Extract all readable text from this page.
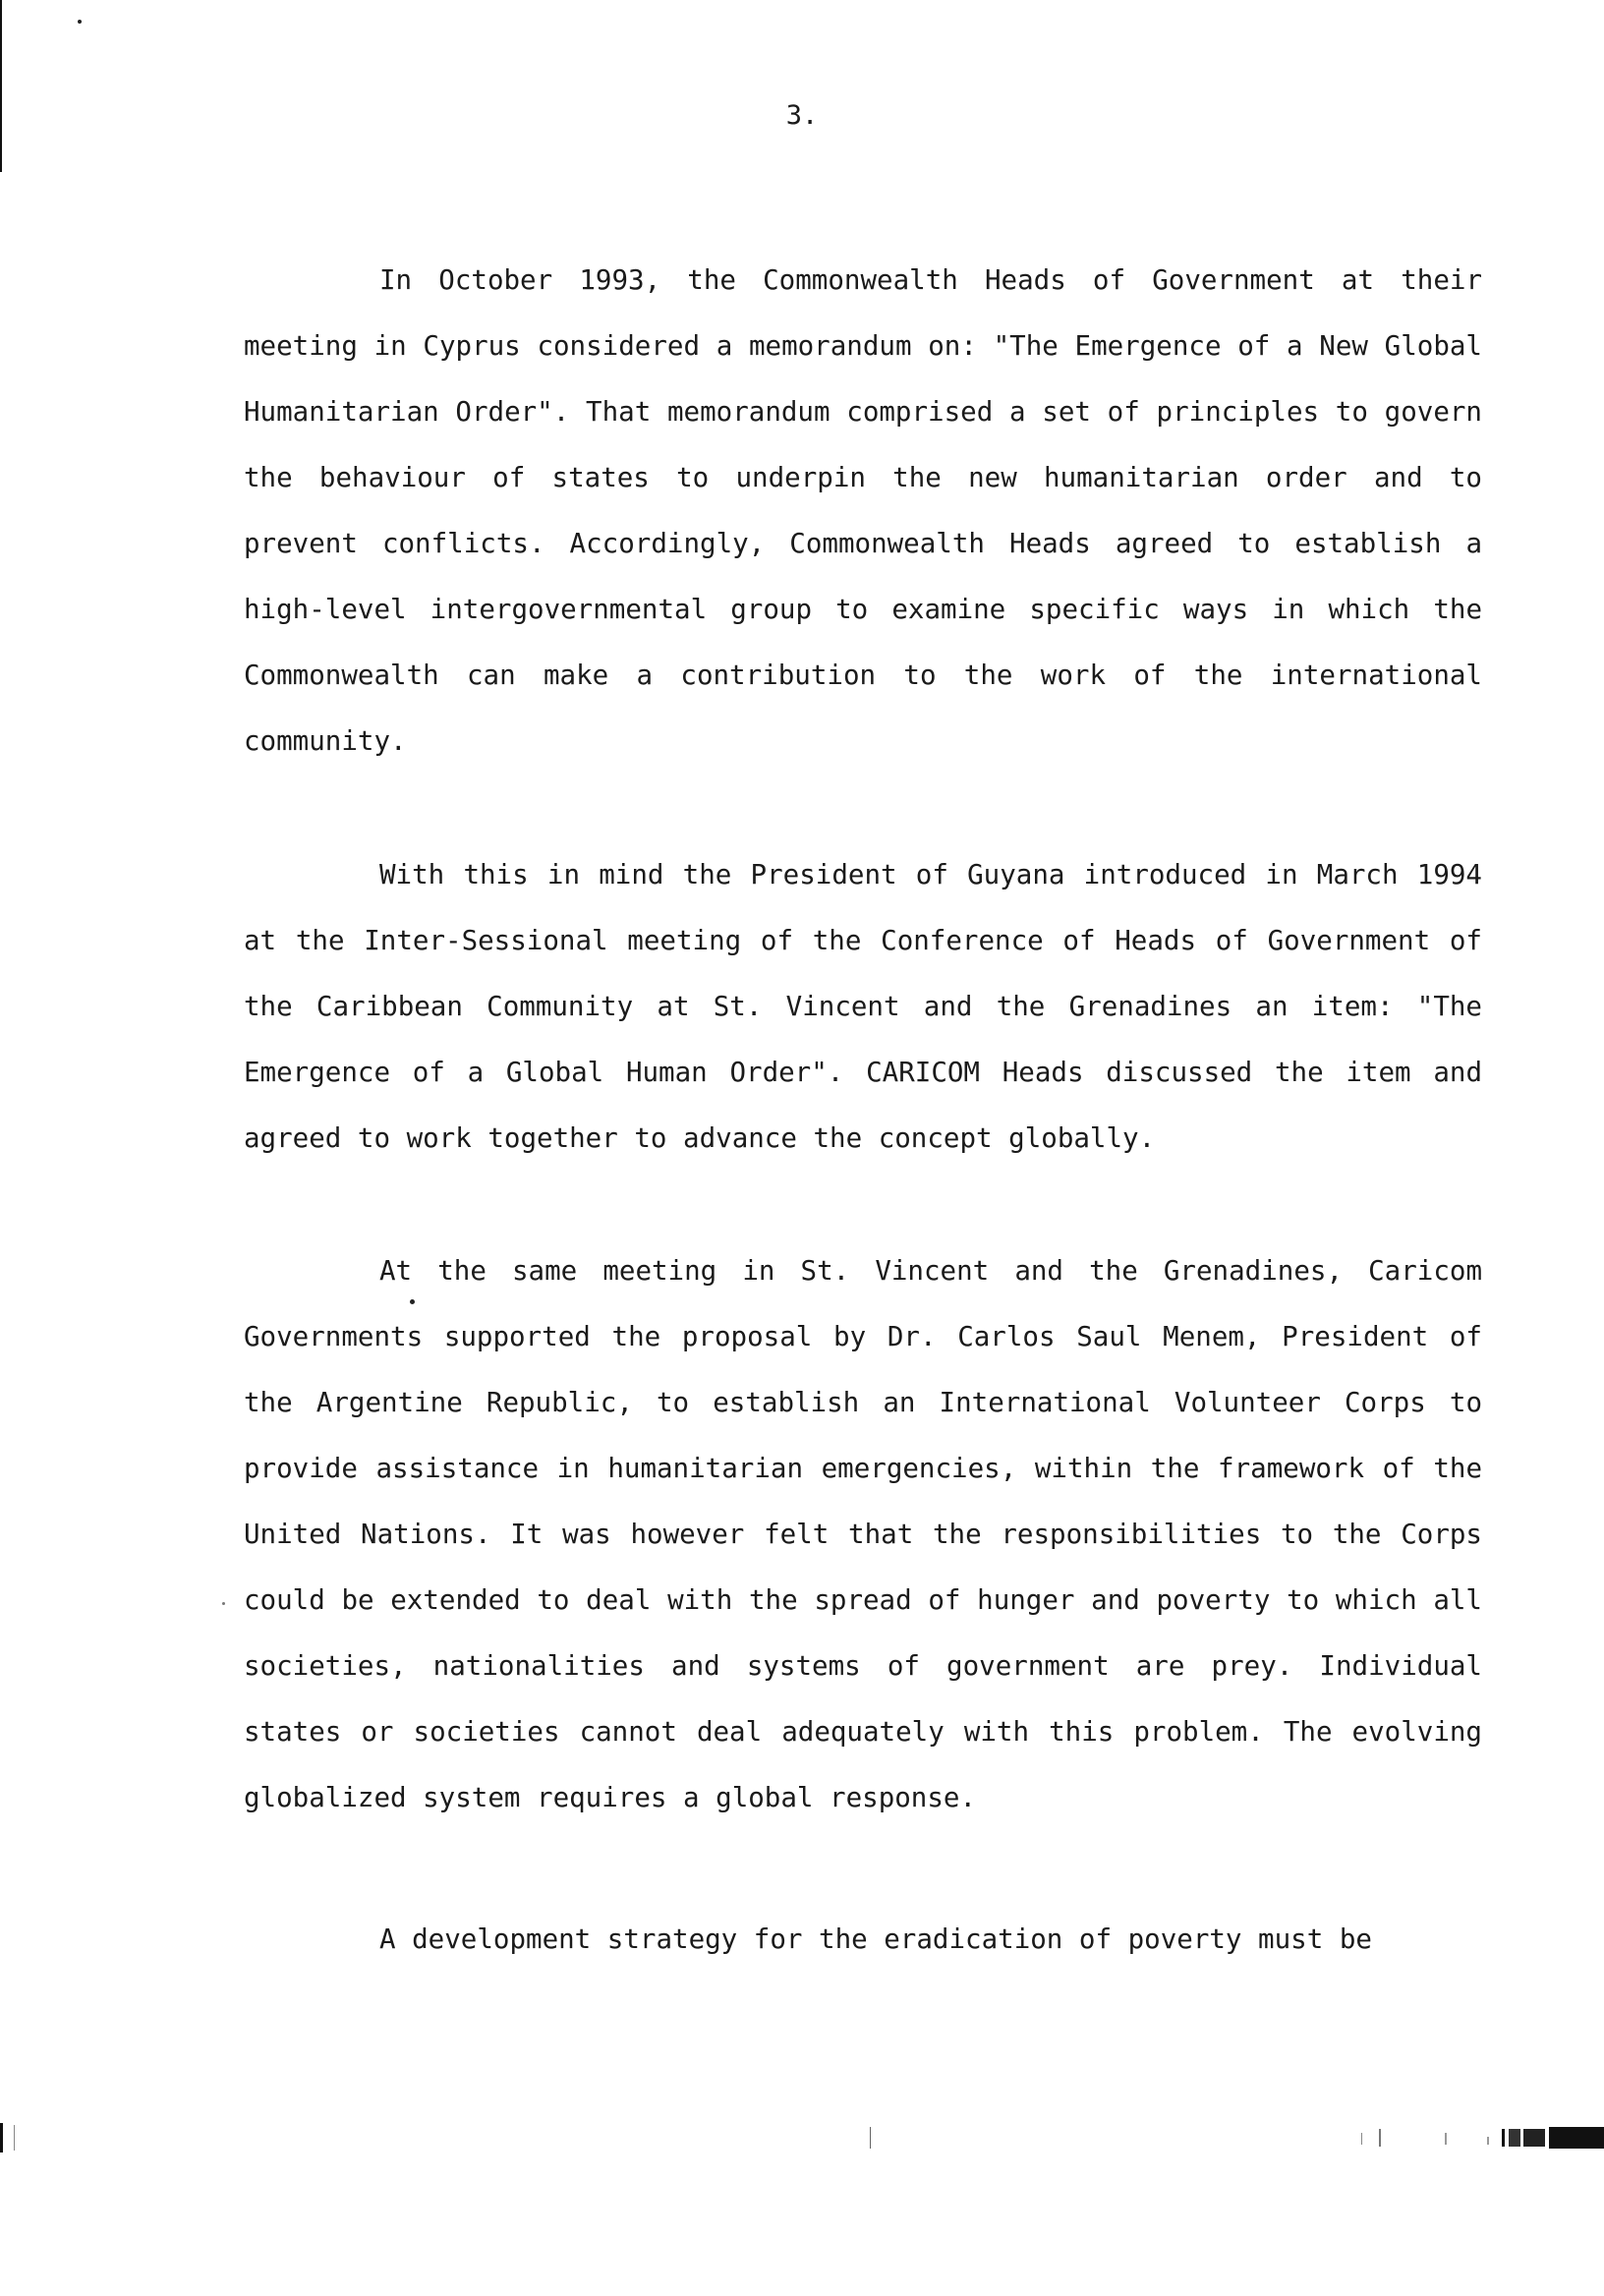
3.

In October 1993, the Commonwealth Heads of Government at their meeting in Cyprus considered a memorandum on: "The Emergence of a New Global Humanitarian Order". That memorandum comprised a set of principles to govern the behaviour of states to underpin the new humanitarian order and to prevent conflicts. Accordingly, Commonwealth Heads agreed to establish a high-level intergovernmental group to examine specific ways in which the Commonwealth can make a contribution to the work of the international community.

With this in mind the President of Guyana introduced in March 1994 at the Inter-Sessional meeting of the Conference of Heads of Government of the Caribbean Community at St. Vincent and the Grenadines an item: "The Emergence of a Global Human Order". CARICOM Heads discussed the item and agreed to work together to advance the concept globally.

At the same meeting in St. Vincent and the Grenadines, Caricom Governments supported the proposal by Dr. Carlos Saul Menem, President of the Argentine Republic, to establish an International Volunteer Corps to provide assistance in humanitarian emergencies, within the framework of the United Nations. It was however felt that the responsibilities to the Corps could be extended to deal with the spread of hunger and poverty to which all societies, nationalities and systems of government are prey. Individual states or societies cannot deal adequately with this problem. The evolving globalized system requires a global response.

A development strategy for the eradication of poverty must be
